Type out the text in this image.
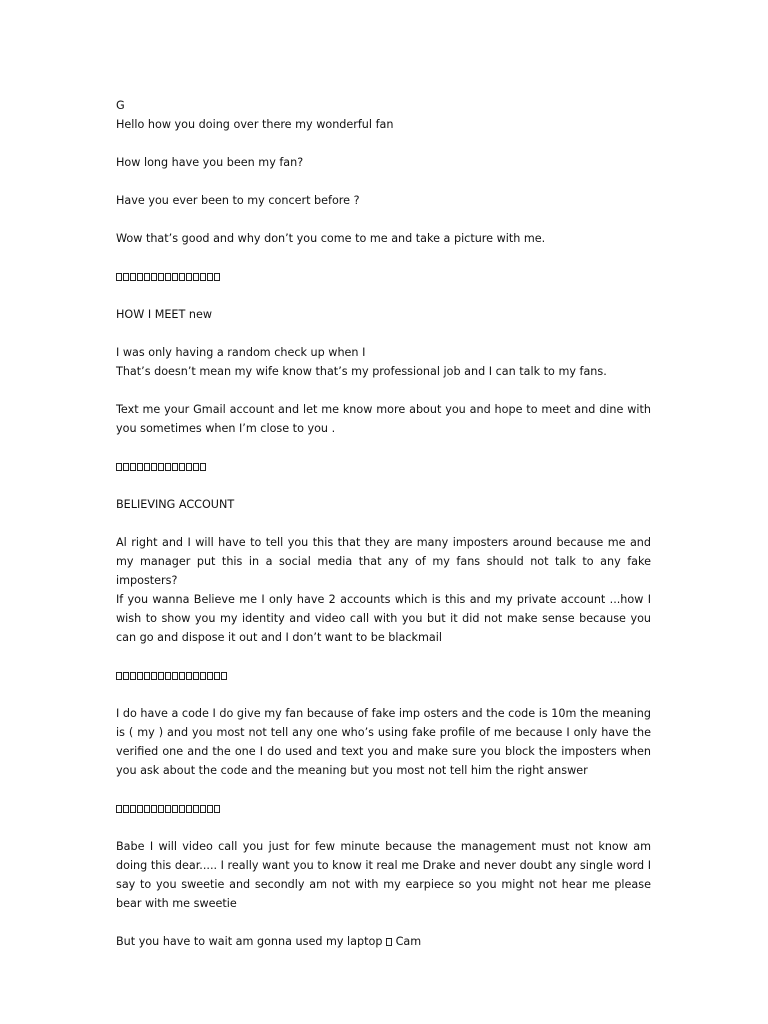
G

Hello how you doing over there my wonderful fan

How long have you been my fan?

Have you ever been to my concert before ?

Wow that’s good and why don’t you come to me and take a picture with me.

HOW I MEET new

I was only having a random check up when I

That’s doesn’t mean my wife know that’s my professional job and I can talk to my fans.

Text me your Gmail account and let me know more about you and hope to meet and dine with you sometimes when I’m close to you .

BELIEVING ACCOUNT

Al right and I will have to tell you this that they are many imposters around because me and my manager put this in a social media that any of my fans should not talk to any fake imposters?

If you wanna Believe me I only have 2 accounts which is this and my private account ...how I wish to show you my identity and video call with you but it did not make sense because you can go and dispose it out and I don’t want to be blackmail

I do have a code I do give my fan because of fake imp osters and the code is 10m the meaning is ( my ) and you most not tell any one who’s using fake profile of me because I only have the verified one and the one I do used and text you and make sure you block the imposters when you ask about the code and the meaning but you most not tell him the right answer

Babe I will video call you just for few minute because the management must not know am doing this dear..... I really want you to know it real me Drake and never doubt any single word I say to you sweetie and secondly am not with my earpiece so you might not hear me please bear with me sweetie

But you have to wait am gonna used my laptop  Cam
